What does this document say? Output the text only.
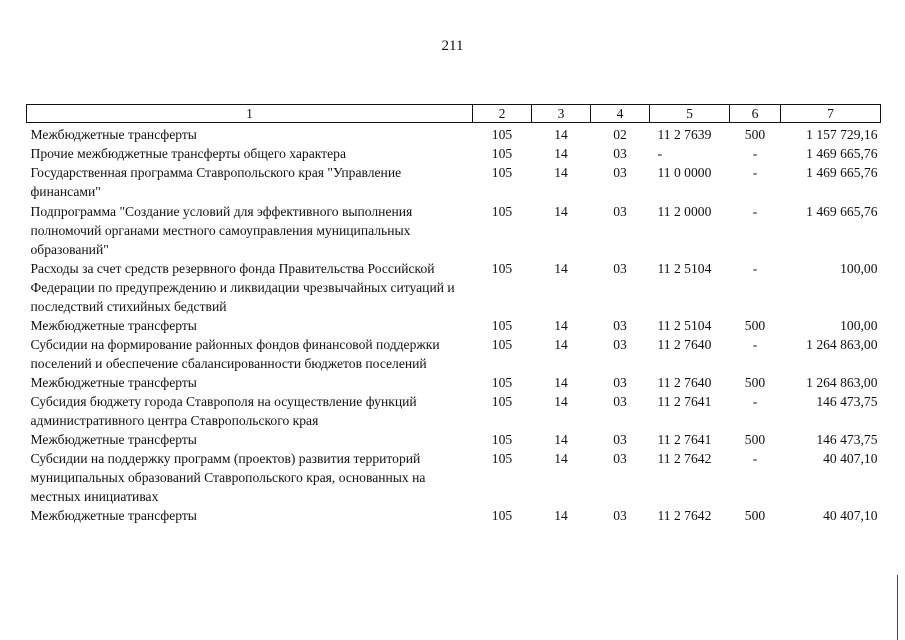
211
1	2	3	4	5	6	7
Межбюджетные трансферты	105	14	02	11 2 7639	500	1 157 729,16
Прочие межбюджетные трансферты общего характера	105	14	03	-	-	1 469 665,76
Государственная программа Ставропольского края "Управление финансами"	105	14	03	11 0 0000	-	1 469 665,76
Подпрограмма "Создание условий для эффективного выполнения полномочий органами местного самоуправления муниципальных образований"	105	14	03	11 2 0000	-	1 469 665,76
Расходы за счет средств резервного фонда Правительства Российской Федерации по предупреждению и ликвидации чрезвычайных ситуаций и последствий стихийных бедствий	105	14	03	11 2 5104	-	100,00
Межбюджетные трансферты	105	14	03	11 2 5104	500	100,00
Субсидии на формирование районных фондов финансовой поддержки поселений и обеспечение сбалансированности бюджетов поселений	105	14	03	11 2 7640	-	1 264 863,00
Межбюджетные трансферты	105	14	03	11 2 7640	500	1 264 863,00
Субсидия бюджету города Ставрополя на осуществление функций административного центра Ставропольского края	105	14	03	11 2 7641	-	146 473,75
Межбюджетные трансферты	105	14	03	11 2 7641	500	146 473,75
Субсидии на поддержку программ (проектов) развития территорий муниципальных образований Ставропольского края, основанных на местных инициативах	105	14	03	11 2 7642	-	40 407,10
Межбюджетные трансферты	105	14	03	11 2 7642	500	40 407,10
